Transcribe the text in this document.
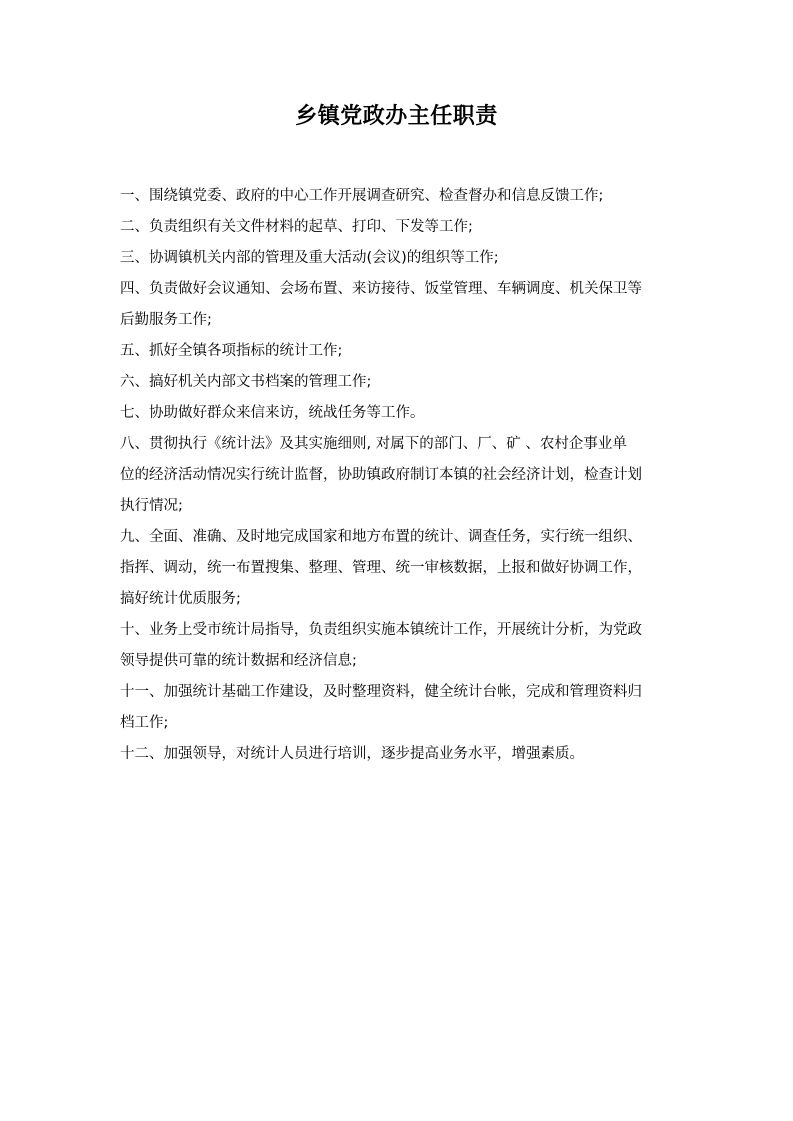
乡镇党政办主任职责

一、围绕镇党委、政府的中心工作开展调查研究、检查督办和信息反馈工作;

二、负责组织有关文件材料的起草、打印、下发等工作;

三、协调镇机关内部的管理及重大活动(会议)的组织等工作;

四、负责做好会议通知、会场布置、来访接待、饭堂管理、车辆调度、机关保卫等
后勤服务工作;

五、抓好全镇各项指标的统计工作;

六、搞好机关内部文书档案的管理工作;

七、协助做好群众来信来访，统战任务等工作。

八、贯彻执行《统计法》及其实施细则, 对属下的部门、厂、矿 、农村企事业单
位的经济活动情况实行统计监督，协助镇政府制订本镇的社会经济计划，检查计划
执行情况;

九、全面、准确、及时地完成国家和地方布置的统计、调查任务，实行统一组织、
指挥、调动，统一布置搜集、整理、管理、统一审核数据，上报和做好协调工作，
搞好统计优质服务;

十、业务上受市统计局指导，负责组织实施本镇统计工作，开展统计分析，为党政
领导提供可靠的统计数据和经济信息;

十一、加强统计基础工作建设，及时整理资料，健全统计台帐，完成和管理资料归
档工作;

十二、加强领导，对统计人员进行培训，逐步提高业务水平，增强素质。
